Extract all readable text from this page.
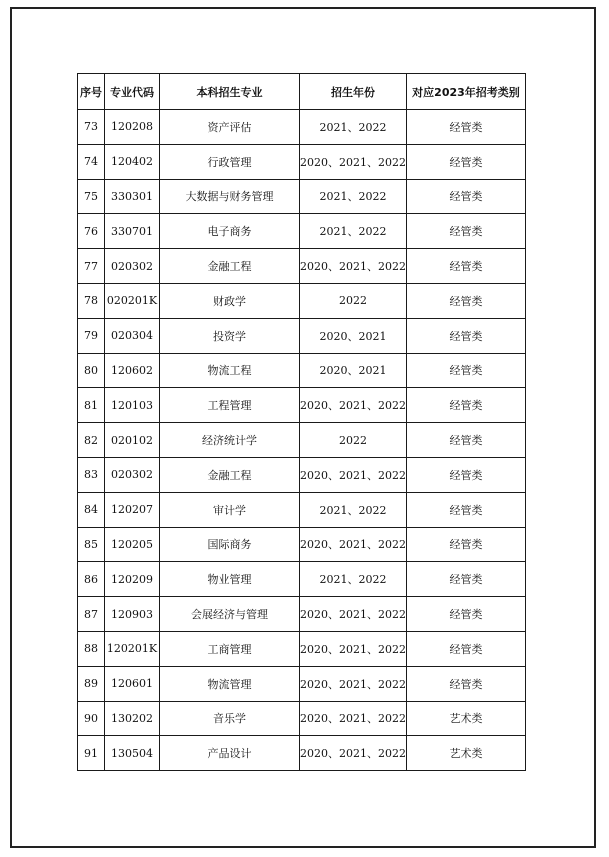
序号	专业代码	本科招生专业	招生年份	对应2023年招考类别
73	120208	资产评估	2021、2022	经管类
74	120402	行政管理	2020、2021、2022	经管类
75	330301	大数据与财务管理	2021、2022	经管类
76	330701	电子商务	2021、2022	经管类
77	020302	金融工程	2020、2021、2022	经管类
78	020201K	财政学	2022	经管类
79	020304	投资学	2020、2021	经管类
80	120602	物流工程	2020、2021	经管类
81	120103	工程管理	2020、2021、2022	经管类
82	020102	经济统计学	2022	经管类
83	020302	金融工程	2020、2021、2022	经管类
84	120207	审计学	2021、2022	经管类
85	120205	国际商务	2020、2021、2022	经管类
86	120209	物业管理	2021、2022	经管类
87	120903	会展经济与管理	2020、2021、2022	经管类
88	120201K	工商管理	2020、2021、2022	经管类
89	120601	物流管理	2020、2021、2022	经管类
90	130202	音乐学	2020、2021、2022	艺术类
91	130504	产品设计	2020、2021、2022	艺术类
